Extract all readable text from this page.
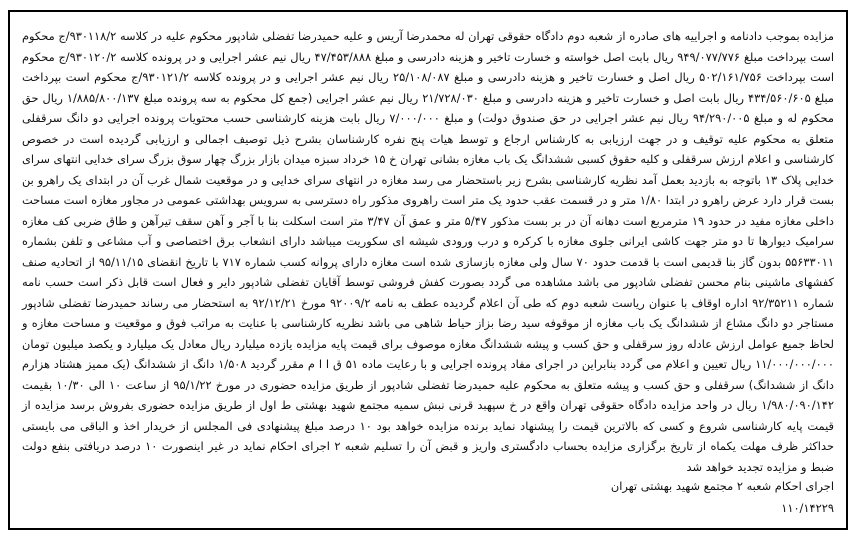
مزایده بموجب دادنامه و اجراییه های صادره از شعبه دوم دادگاه حقوقی تهران له محمدرضا آریس و علیه حمیدرضا تفضلی شادپور محکوم علیه در کلاسه ۹۳۰۱۱۸/۲/ج محکوم است بپرداخت مبلغ ۹۴۹/۰۷۷/۷۷۶ ریال بابت اصل خواسته و خسارت تاخیر و هزینه دادرسی و مبلغ ۴۷/۴۵۳/۸۸۸ ریال نیم عشر اجرایی و در پرونده کلاسه ۹۳۰۱۲۰/۲/ج محکوم است بپرداخت ۵۰۲/۱۶۱/۷۵۶ ریال اصل و خسارت تاخیر و هزینه دادرسی و مبلغ ۲۵/۱۰۸/۰۸۷ ریال نیم عشر اجرایی و در پرونده کلاسه ۹۳۰۱۲۱/۲/ج محکوم است بپرداخت مبلغ ۴۳۴/۵۶۰/۶۰۵ ریال بابت اصل و خسارت تاخیر و هزینه دادرسی و مبلغ ۲۱/۷۲۸/۰۳۰ ریال نیم عشر اجرایی (جمع کل محکوم به سه پرونده مبلغ ۱/۸۸۵/۸۰۰/۱۳۷ ریال حق محکوم له و مبلغ ۹۴/۲۹۰/۰۰۵ ریال نیم عشر اجرایی در حق صندوق دولت) و مبلغ ۷/۰۰۰/۰۰۰ ریال بابت هزینه کارشناسی حسب محتویات پرونده اجرایی دو دانگ سرقفلی متعلق به محکوم علیه توقیف و در جهت ارزیابی به کارشناس ارجاع و توسط هیات پنج نفره کارشناسان بشرح ذیل توصیف اجمالی و ارزیابی گردیده است در خصوص کارشناسی و اعلام ارزش سرقفلی و کلیه حقوق کسبی ششدانگ یک باب مغازه بشانی تهران خ ۱۵ خرداد سبزه میدان بازار بزرگ چهار سوق بزرگ سرای خدایی انتهای سرای خدایی پلاک ۱۳ باتوجه به بازدید بعمل آمد نظریه کارشناسی بشرح زیر باستحضار می رسد مغازه در انتهای سرای خدایی و در موقعیت شمال غرب آن در ابتدای یک راهرو بن بست قرار دارد عرض راهرو در ابتدا ۱/۸۰ متر و در قسمت عقب حدود یک متر است راهروی مذکور راه دسترسی به سرویس بهداشتی عمومی در مجاور مغازه است مساحت داخلی مغازه مفید در حدود ۱۹ مترمربع است دهانه آن در بر بست مذکور ۵/۴۷ متر و عمق آن ۳/۴۷ متر است اسکلت بنا با آجر و آهن سقف تیرآهن و طاق ضربی کف مغازه سرامیک دیوارها تا دو متر جهت کاشی ایرانی جلوی مغازه با کرکره و درب ورودی شیشه ای سکوریت میباشد دارای انشعاب برق اختصاصی و آب مشاعی و تلفن بشماره ۵۵۶۳۳۰۱۱ بدون گاز بنا قدیمی است با قدمت حدود ۷۰ سال ولی مغازه بازسازی شده است مغازه دارای پروانه کسب شماره ۷۱۷ با تاریخ انقضای ۹۵/۱۱/۱۵ از اتحادیه صنف کفشهای ماشینی بنام محسن تفضلی شادپور می باشد مشاهده می گردد بصورت کفش فروشی توسط آقایان تفضلی شادپور دایر و فعال است قابل ذکر است حسب نامه شماره ۹۲/۳۵۲۱۱ اداره اوقاف با عنوان ریاست شعبه دوم که طی آن اعلام گردیده عطف به نامه ۹۲۰۰۹/۲ مورخ ۹۲/۱۲/۲۱ به استحضار می رساند حمیدرضا تفضلی شادپور مستاجر دو دانگ مشاع از ششدانگ یک باب مغازه از موقوفه سید رضا بزاز حیاط شاهی می باشد نظریه کارشناسی با عنایت به مراتب فوق و موقعیت و مساحت مغازه و لحاظ جمیع عوامل ارزش عادله روز سرقفلی و حق کسب و پیشه ششدانگ مغازه موصوف برای قیمت پایه مزایده یازده میلیارد ریال معادل یک میلیارد و یکصد میلیون تومان ۱۱/۰۰۰/۰۰۰/۰۰۰ ریال تعیین و اعلام می گردد بنابراین در اجرای مفاد پرونده اجرایی و با رعایت ماده ۵۱ ق ا ا م مقرر گردید ۱/۵۰۸ دانگ از ششدانگ (یک ممیز هشتاد هزارم دانگ از ششدانگ) سرقفلی و حق کسب و پیشه متعلق به محکوم علیه حمیدرضا تفضلی شادپور از طریق مزایده حضوری در مورخ ۹۵/۱/۲۲ از ساعت ۱۰ الی ۱۰/۳۰ بقیمت ۱/۹۸۰/۰۹۰/۱۴۲ ریال در واحد مزایده دادگاه حقوقی تهران واقع در خ سپهبد قرنی نبش سمیه مجتمع شهید بهشتی ط اول از طریق مزایده حضوری بفروش برسد مزایده از قیمت پایه کارشناسی شروع و کسی که بالاترین قیمت را پیشنهاد نماید برنده مزایده خواهد بود ۱۰ درصد مبلغ پیشنهادی فی المجلس از خریدار اخذ و الباقی می بایستی حداکثر ظرف مهلت یکماه از تاریخ برگزاری مزایده بحساب دادگستری واریز و قبض آن را تسلیم شعبه ۲ اجرای احکام نماید در غیر اینصورت ۱۰ درصد دریافتی بنفع دولت ضبط و مزایده تجدید خواهد شد

اجرای احکام شعبه ۲ مجتمع شهید بهشتی تهران
۱۱۰/۱۴۲۲۹
